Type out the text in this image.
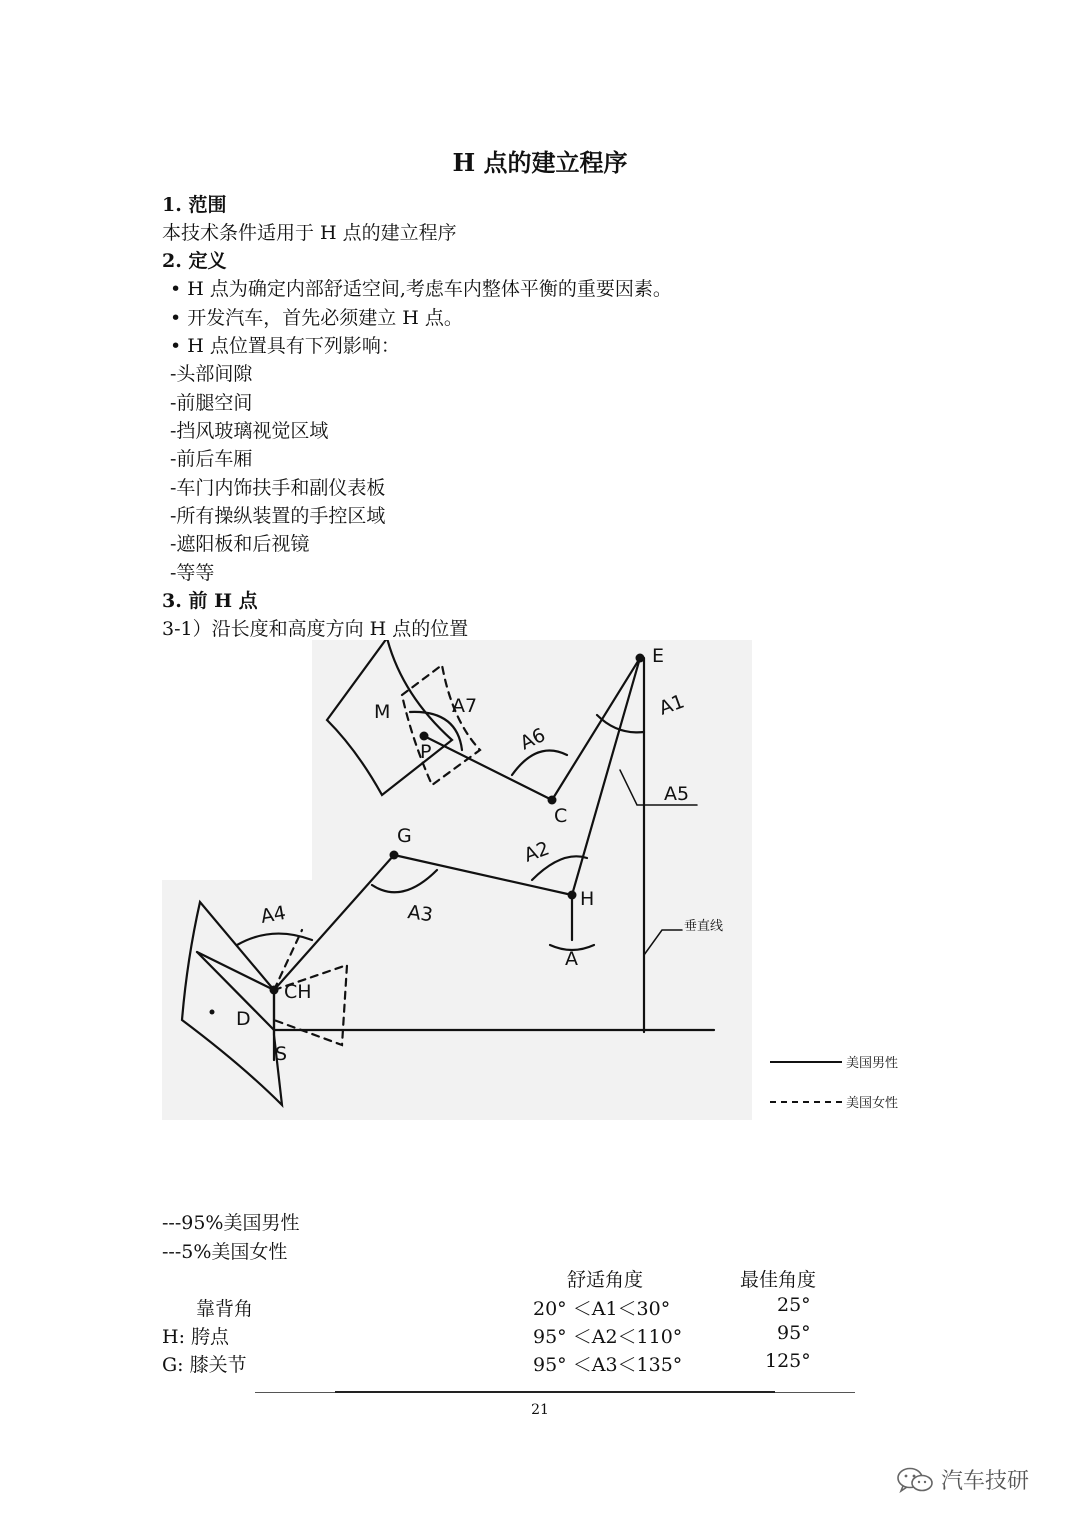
H 点的建立程序
1. 范围
本技术条件适用于 H 点的建立程序
2. 定义
• H 点为确定内部舒适空间,考虑车内整体平衡的重要因素。
• 开发汽车，首先必须建立 H 点。
• H 点位置具有下列影响：
-头部间隙
-前腿空间
-挡风玻璃视觉区域
-前后车厢
-车门内饰扶手和副仪表板
-所有操纵装置的手控区域
-遮阳板和后视镜
-等等
3. 前 H 点
3-1）沿长度和高度方向 H 点的位置
E
A1
M	A7
P	A6
A5
C
G
A2
H
A3
A4
A
CH
D
S
垂直线
美国男性
美国女性
---95%美国男性
---5%美国女性
舒适角度	最佳角度
靠背角	20° ＜A1＜30°	25°
H: 胯点	95° ＜A2＜110°	95°
G: 膝关节	95° ＜A3＜135°	125°
21
汽车技研
